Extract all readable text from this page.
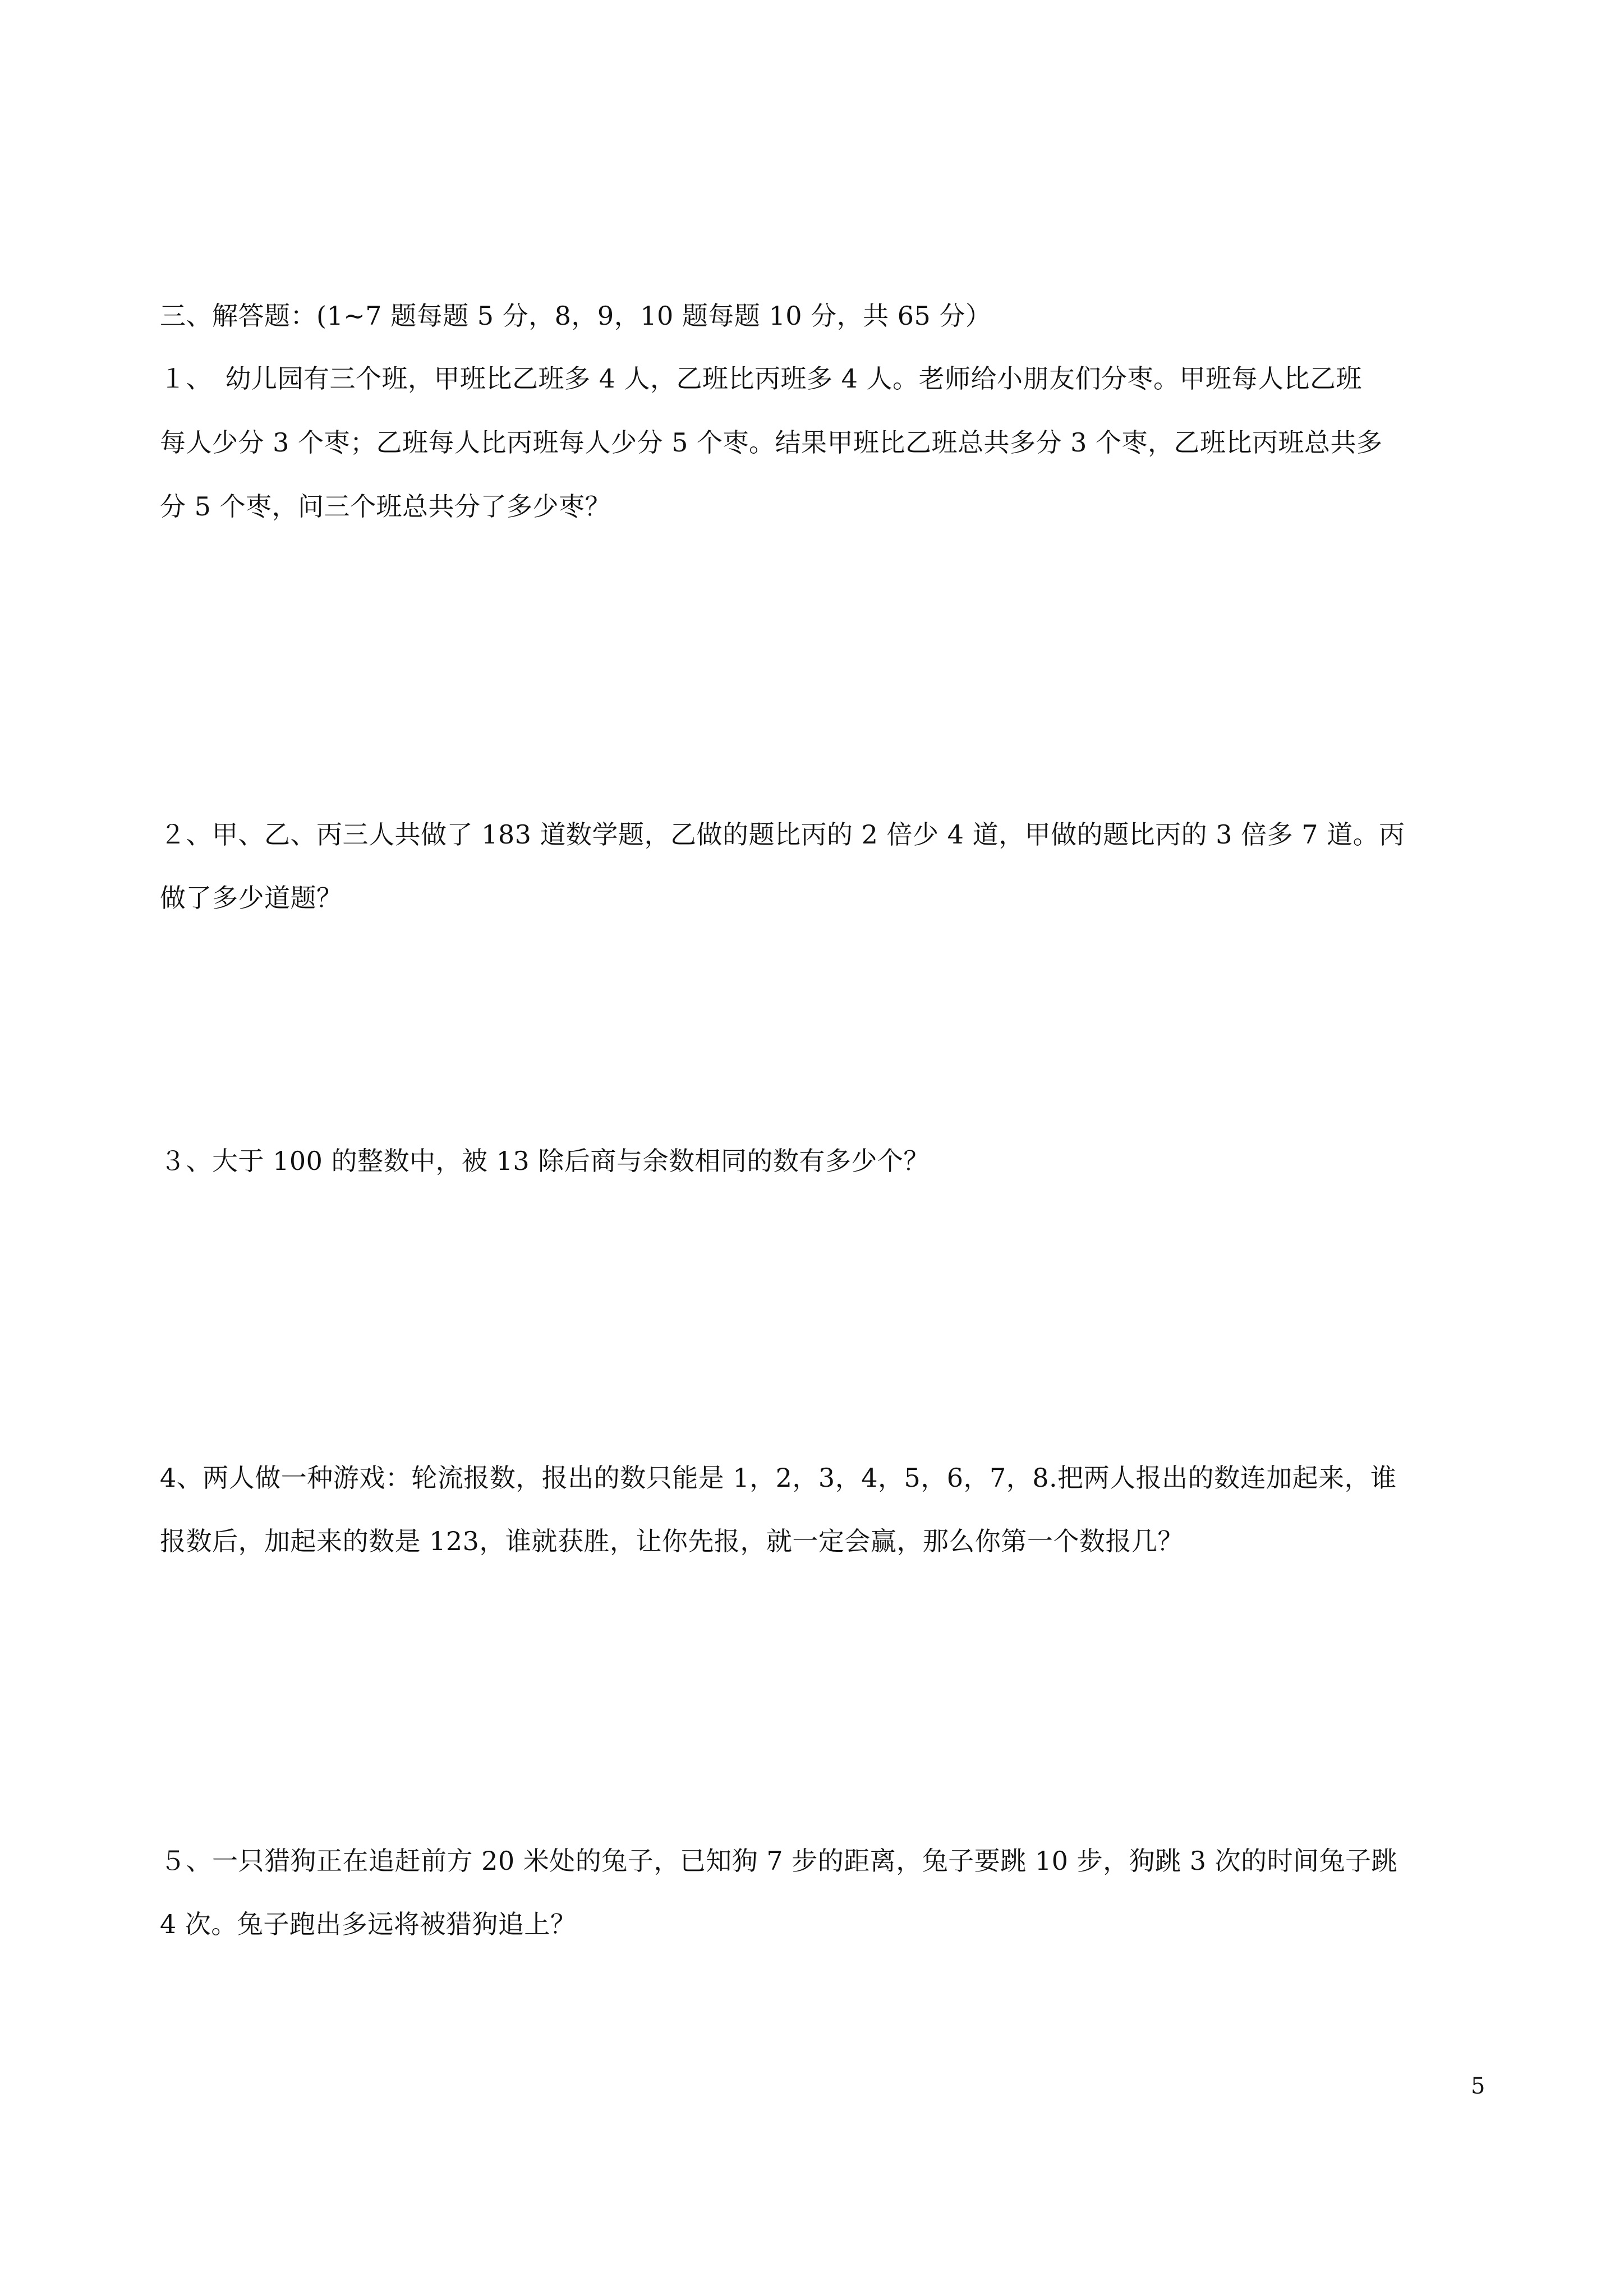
三、解答题：(1~7 题每题 5 分，8，9，10 题每题 10 分，共 65 分）
１、　幼儿园有三个班，甲班比乙班多 4 人，乙班比丙班多 4 人。老师给小朋友们分枣。甲班每人比乙班
每人少分 3 个枣；乙班每人比丙班每人少分 5 个枣。结果甲班比乙班总共多分 3 个枣，乙班比丙班总共多
分 5 个枣，问三个班总共分了多少枣？
２、甲、乙、丙三人共做了 183 道数学题，乙做的题比丙的 2 倍少 4 道，甲做的题比丙的 3 倍多 7 道。丙
做了多少道题？
３、大于 100 的整数中，被 13 除后商与余数相同的数有多少个？
4、两人做一种游戏：轮流报数，报出的数只能是 1，2，3，4，5，6，7，8.把两人报出的数连加起来，谁
报数后，加起来的数是 123，谁就获胜，让你先报，就一定会赢，那么你第一个数报几？
５、一只猎狗正在追赶前方 20 米处的兔子，已知狗 7 步的距离，兔子要跳 10 步，狗跳 3 次的时间兔子跳
4 次。兔子跑出多远将被猎狗追上？
5
